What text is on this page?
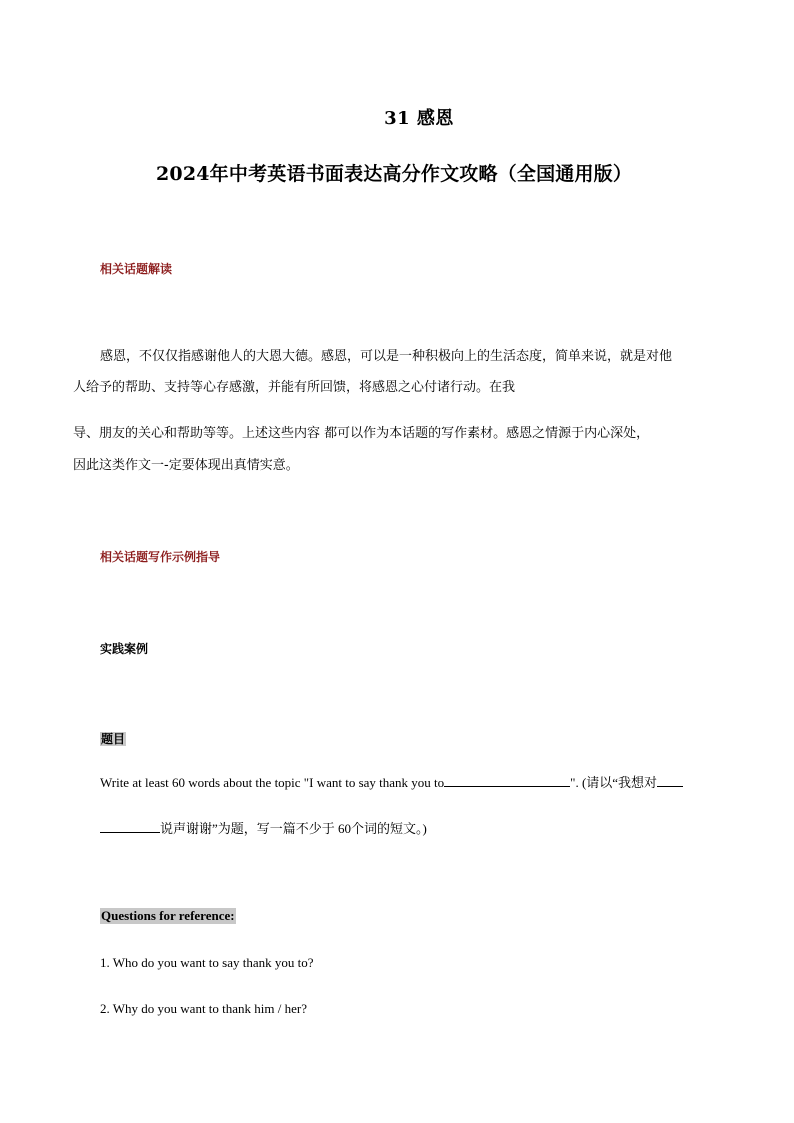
31 感恩
2024年中考英语书面表达高分作文攻略（全国通用版）
相关话题解读
感恩，不仅仅指感谢他人的大恩大德。感恩，可以是一种积极向上的生活态度，简单来说，就是对他
人给予的帮助、支持等心存感激，并能有所回馈，将感恩之心付诸行动。在我
导、朋友的关心和帮助等等。上述这些内容 都可以作为本话题的写作素材。感恩之情源于内心深处，
因此这类作文一-定要体现出真情实意。
相关话题写作示例指导
实践案例
题目
Write at least 60 words about the topic "I want to say thank you to	". (请以“我想对
说声谢谢”为题，写一篇不少于 60个词的短文。)
Questions for reference:
1. Who do you want to say thank you to?
2. Why do you want to thank him / her?
